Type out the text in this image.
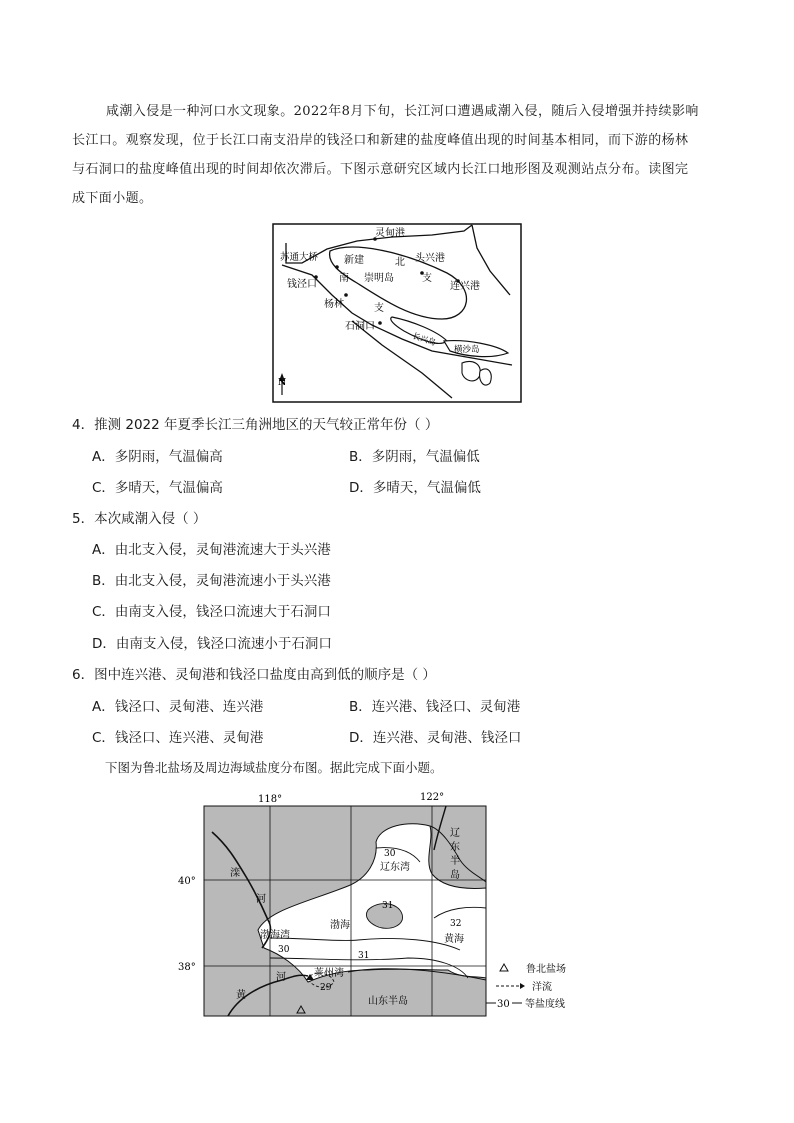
咸潮入侵是一种河口水文现象。2022年8月下旬，长江河口遭遇咸潮入侵，随后入侵增强并持续影响
长江口。观察发现，位于长江口南支沿岸的钱泾口和新建的盐度峰值出现的时间基本相同，而下游的杨林
与石洞口的盐度峰值出现的时间却依次滞后。下图示意研究区域内长江口地形图及观测站点分布。读图完
成下面小题。
灵甸港
头兴港
苏通大桥	新建	北
支
钱泾口
南 崇明岛
连兴港
杨林	支
石洞口
长兴岛
横沙岛
N
4．推测 2022 年夏季长江三角洲地区的天气较正常年份（ ）
A．多阴雨，气温偏高	B．多阴雨，气温偏低
C．多晴天，气温偏高	D．多晴天，气温偏低
5．本次咸潮入侵（ ）
A．由北支入侵，灵甸港流速大于头兴港
B．由北支入侵，灵甸港流速小于头兴港
C．由南支入侵，钱泾口流速大于石洞口
D．由南支入侵，钱泾口流速小于石洞口
6．图中连兴港、灵甸港和钱泾口盐度由高到低的顺序是（ ）
A．钱泾口、灵甸港、连兴港	B．连兴港、钱泾口、灵甸港
C．钱泾口、连兴港、灵甸港	D．连兴港、灵甸港、钱泾口
下图为鲁北盐场及周边海域盐度分布图。据此完成下面小题。
118°	122°
辽
东
半
岛
滦
河
辽东湾
渤海湾
渤海
黄海
河
黄
莱州湾
山东半岛
30
31
32
30
31
29
40°
38°	鲁北盐场
洋流
30 等盐度线
